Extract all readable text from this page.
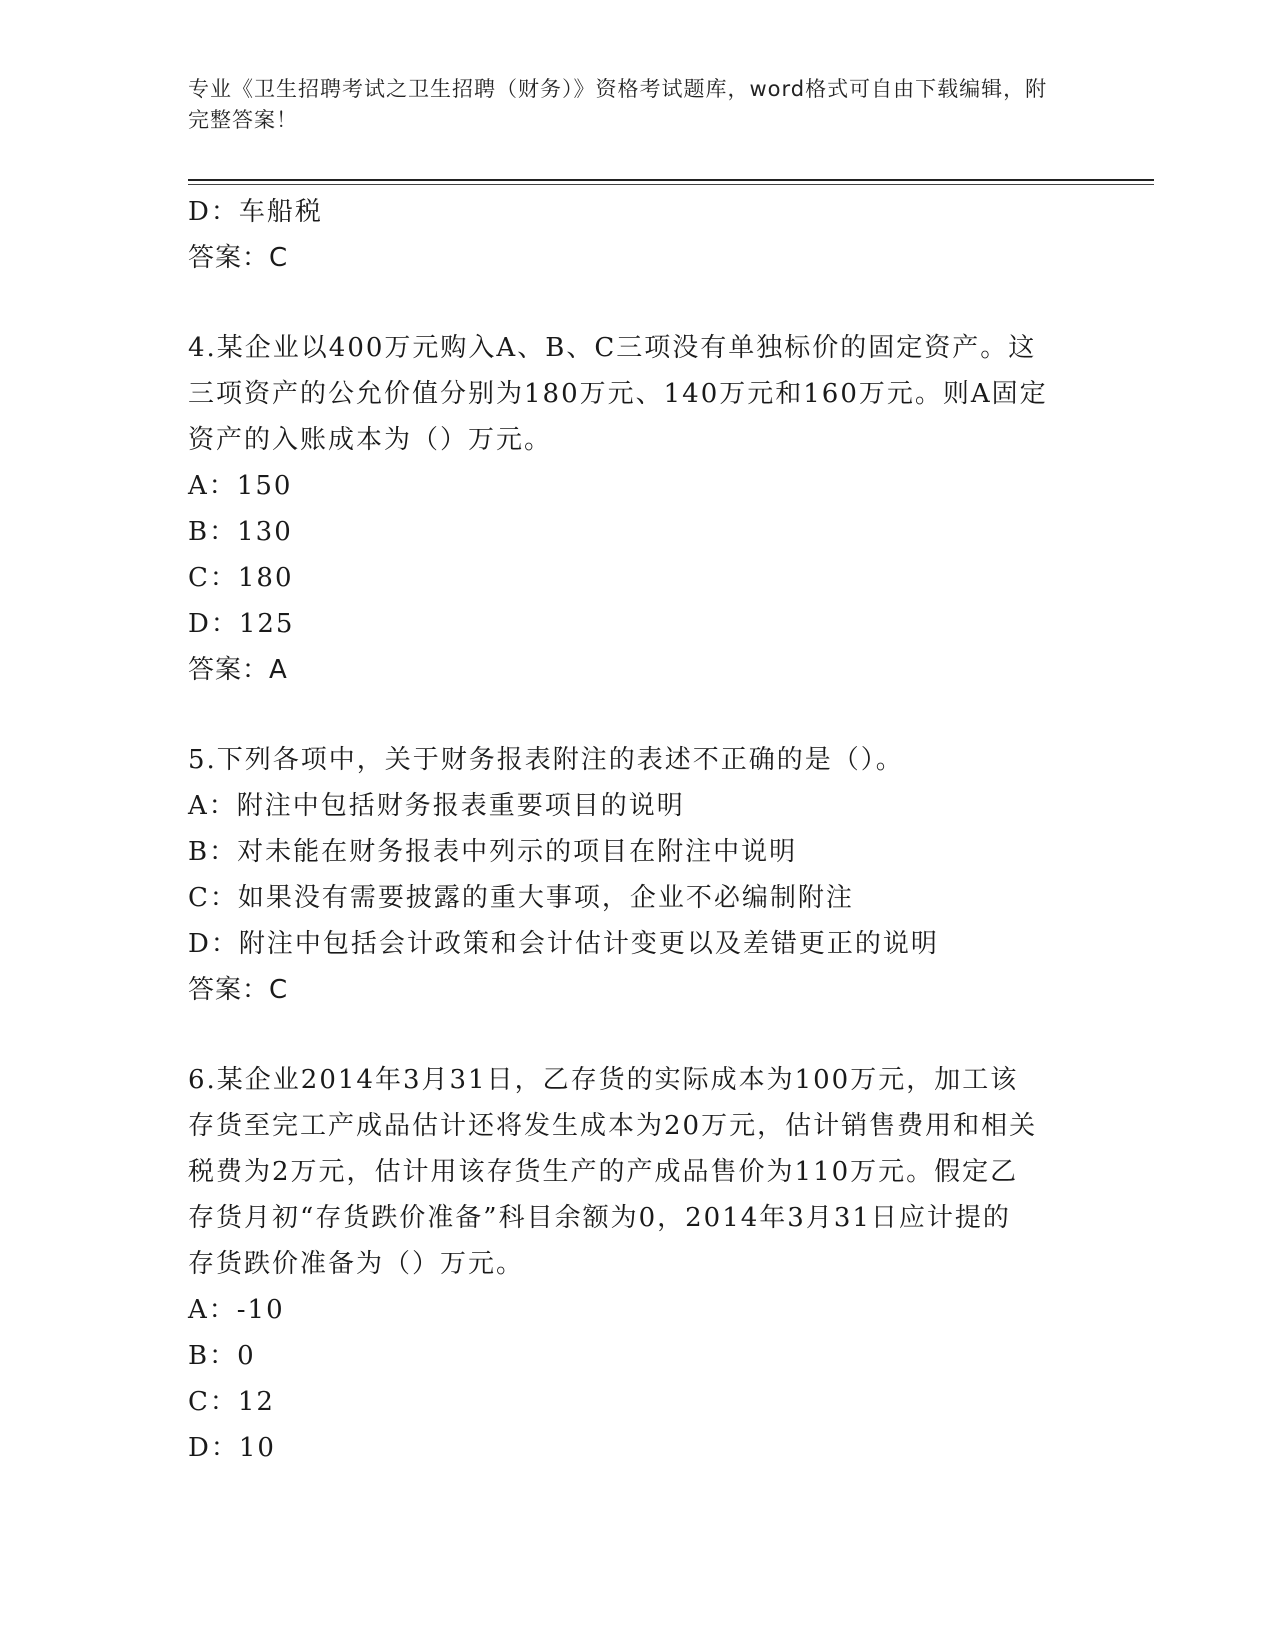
专业《卫生招聘考试之卫生招聘（财务）》资格考试题库，word格式可自由下载编辑，附完整答案！
D：车船税
答案：C
4.某企业以400万元购入A、B、C三项没有单独标价的固定资产。这
三项资产的公允价值分别为180万元、140万元和160万元。则A固定
资产的入账成本为（）万元。
A：150
B：130
C：180
D：125
答案：A
5.下列各项中，关于财务报表附注的表述不正确的是（）。
A：附注中包括财务报表重要项目的说明
B：对未能在财务报表中列示的项目在附注中说明
C：如果没有需要披露的重大事项，企业不必编制附注
D：附注中包括会计政策和会计估计变更以及差错更正的说明
答案：C
6.某企业2014年3月31日，乙存货的实际成本为100万元，加工该
存货至完工产成品估计还将发生成本为20万元，估计销售费用和相关
税费为2万元，估计用该存货生产的产成品售价为110万元。假定乙
存货月初“存货跌价准备”科目余额为0，2014年3月31日应计提的
存货跌价准备为（）万元。
A：-10
B：0
C：12
D：10
